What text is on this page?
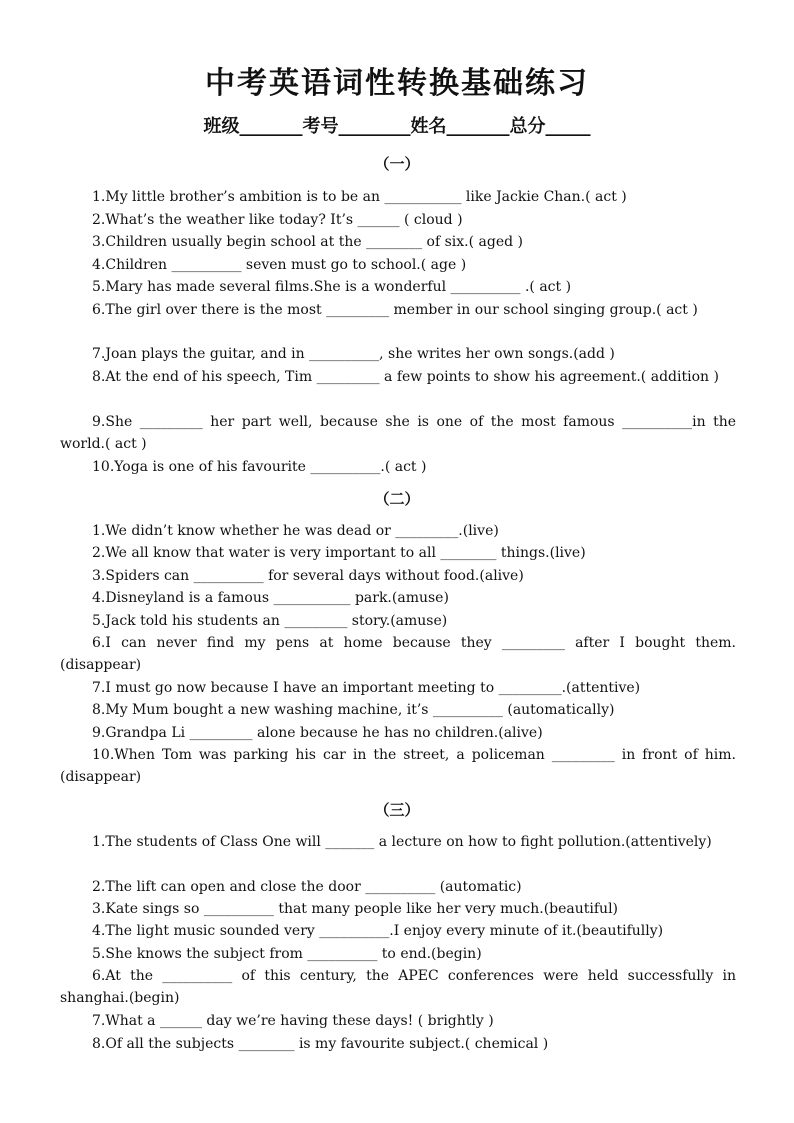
中考英语词性转换基础练习
班级_______考号________姓名_______总分_____
（一）
1.My little brother’s ambition is to be an ___________ like Jackie Chan.( act )
2.What’s the weather like today? It’s ______ ( cloud )
3.Children usually begin school at the ________ of six.( aged )
4.Children __________ seven must go to school.( age )
5.Mary has made several films.She is a wonderful __________ .( act )
6.The girl over there is the most _________ member in our school singing group.( act )
7.Joan plays the guitar, and in __________, she writes her own songs.(add )
8.At the end of his speech, Tim _________ a few points to show his agreement.( addition )
9.She _________ her part well, because she is one of the most famous __________in the world.( act )
10.Yoga is one of his favourite __________.( act )
（二）
1.We didn’t know whether he was dead or _________.(live)
2.We all know that water is very important to all ________ things.(live)
3.Spiders can __________ for several days without food.(alive)
4.Disneyland is a famous ___________ park.(amuse)
5.Jack told his students an _________ story.(amuse)
6.I can never find my pens at home because they _________ after I bought them.(disappear)
7.I must go now because I have an important meeting to _________.(attentive)
8.My Mum bought a new washing machine, it’s __________ (automatically)
9.Grandpa Li _________ alone because he has no children.(alive)
10.When Tom was parking his car in the street, a policeman _________ in front of him.(disappear)
（三）
1.The students of Class One will _______ a lecture on how to fight pollution.(attentively)
2.The lift can open and close the door __________ (automatic)
3.Kate sings so __________ that many people like her very much.(beautiful)
4.The light music sounded very __________.I enjoy every minute of it.(beautifully)
5.She knows the subject from __________ to end.(begin)
6.At the __________ of this century, the APEC conferences were held successfully in shanghai.(begin)
7.What a ______ day we’re having these days! ( brightly )
8.Of all the subjects ________ is my favourite subject.( chemical )
